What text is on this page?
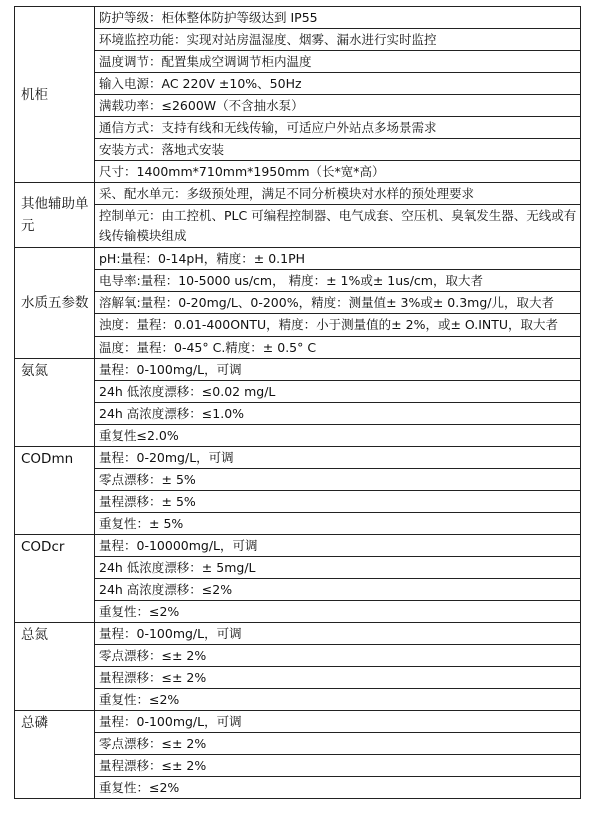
机柜	防护等级：柜体整体防护等级达到 IP55
	环境监控功能：实现对站房温湿度、烟雾、漏水进行实时监控
	温度调节：配置集成空调调节柜内温度
	输入电源：AC 220V ±10%、50Hz
	满载功率：≤2600W（不含抽水泵）
	通信方式：支持有线和无线传输，可适应户外站点多场景需求
	安装方式：落地式安装
	尺寸：1400mm*710mm*1950mm（长*宽*高）
其他辅助单元	采、配水单元：多级预处理，满足不同分析模块对水样的预处理要求
	控制单元：由工控机、PLC 可编程控制器、电气成套、空压机、臭氧发生器、无线或有线传输模块组成
水质五参数	pH:量程：0-14pH，精度：± 0.1PH
	电导率:量程：10-5000 us/cm， 精度：± 1%或± 1us/cm，取大者
	溶解氧:量程：0-20mg/L、0-200%，精度：测量值± 3%或± 0.3mg/儿，取大者
	浊度：量程：0.01-400ONTU，精度：小于测量值的± 2%，或± O.INTU，取大者
	温度：量程：0-45° C.精度：± 0.5° C
氨氮	量程：0-100mg/L，可调
	24h 低浓度漂移：≤0.02 mg/L
	24h 高浓度漂移：≤1.0%
	重复性≤2.0%
CODmn	量程：0-20mg/L，可调
	零点漂移：± 5%
	量程漂移：± 5%
	重复性：± 5%
CODcr	量程：0-10000mg/L，可调
	24h 低浓度漂移：± 5mg/L
	24h 高浓度漂移：≤2%
	重复性：≤2%
总氮	量程：0-100mg/L，可调
	零点漂移：≤± 2%
	量程漂移：≤± 2%
	重复性：≤2%
总磷	量程：0-100mg/L，可调
	零点漂移：≤± 2%
	量程漂移：≤± 2%
	重复性：≤2%
